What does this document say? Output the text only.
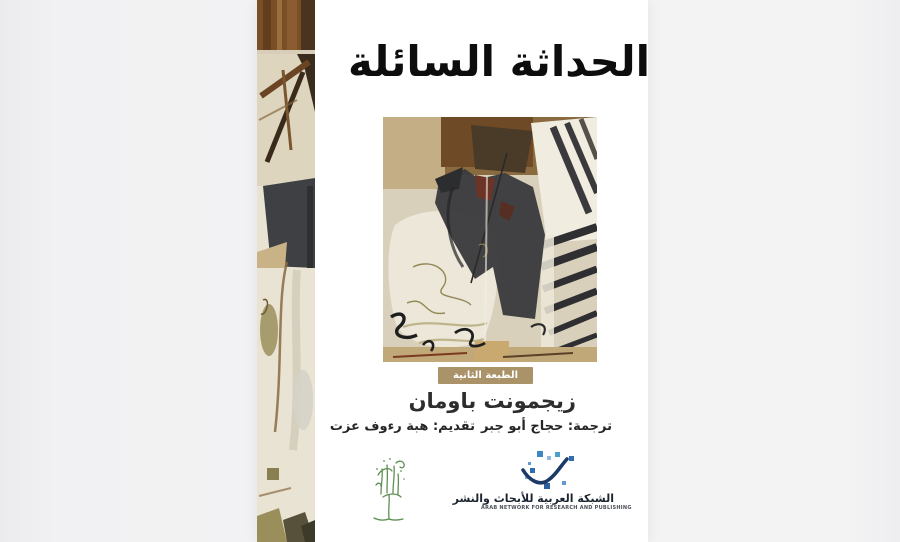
الحداثة السائلة
الطبعة الثانية
زيجمونت باومان
ترجمة: حجاج أبو جبر
تقديم: هبة رءوف عزت
الشبكة العربية للأبحاث والنشر
ARAB NETWORK FOR RESEARCH AND PUBLISHING
